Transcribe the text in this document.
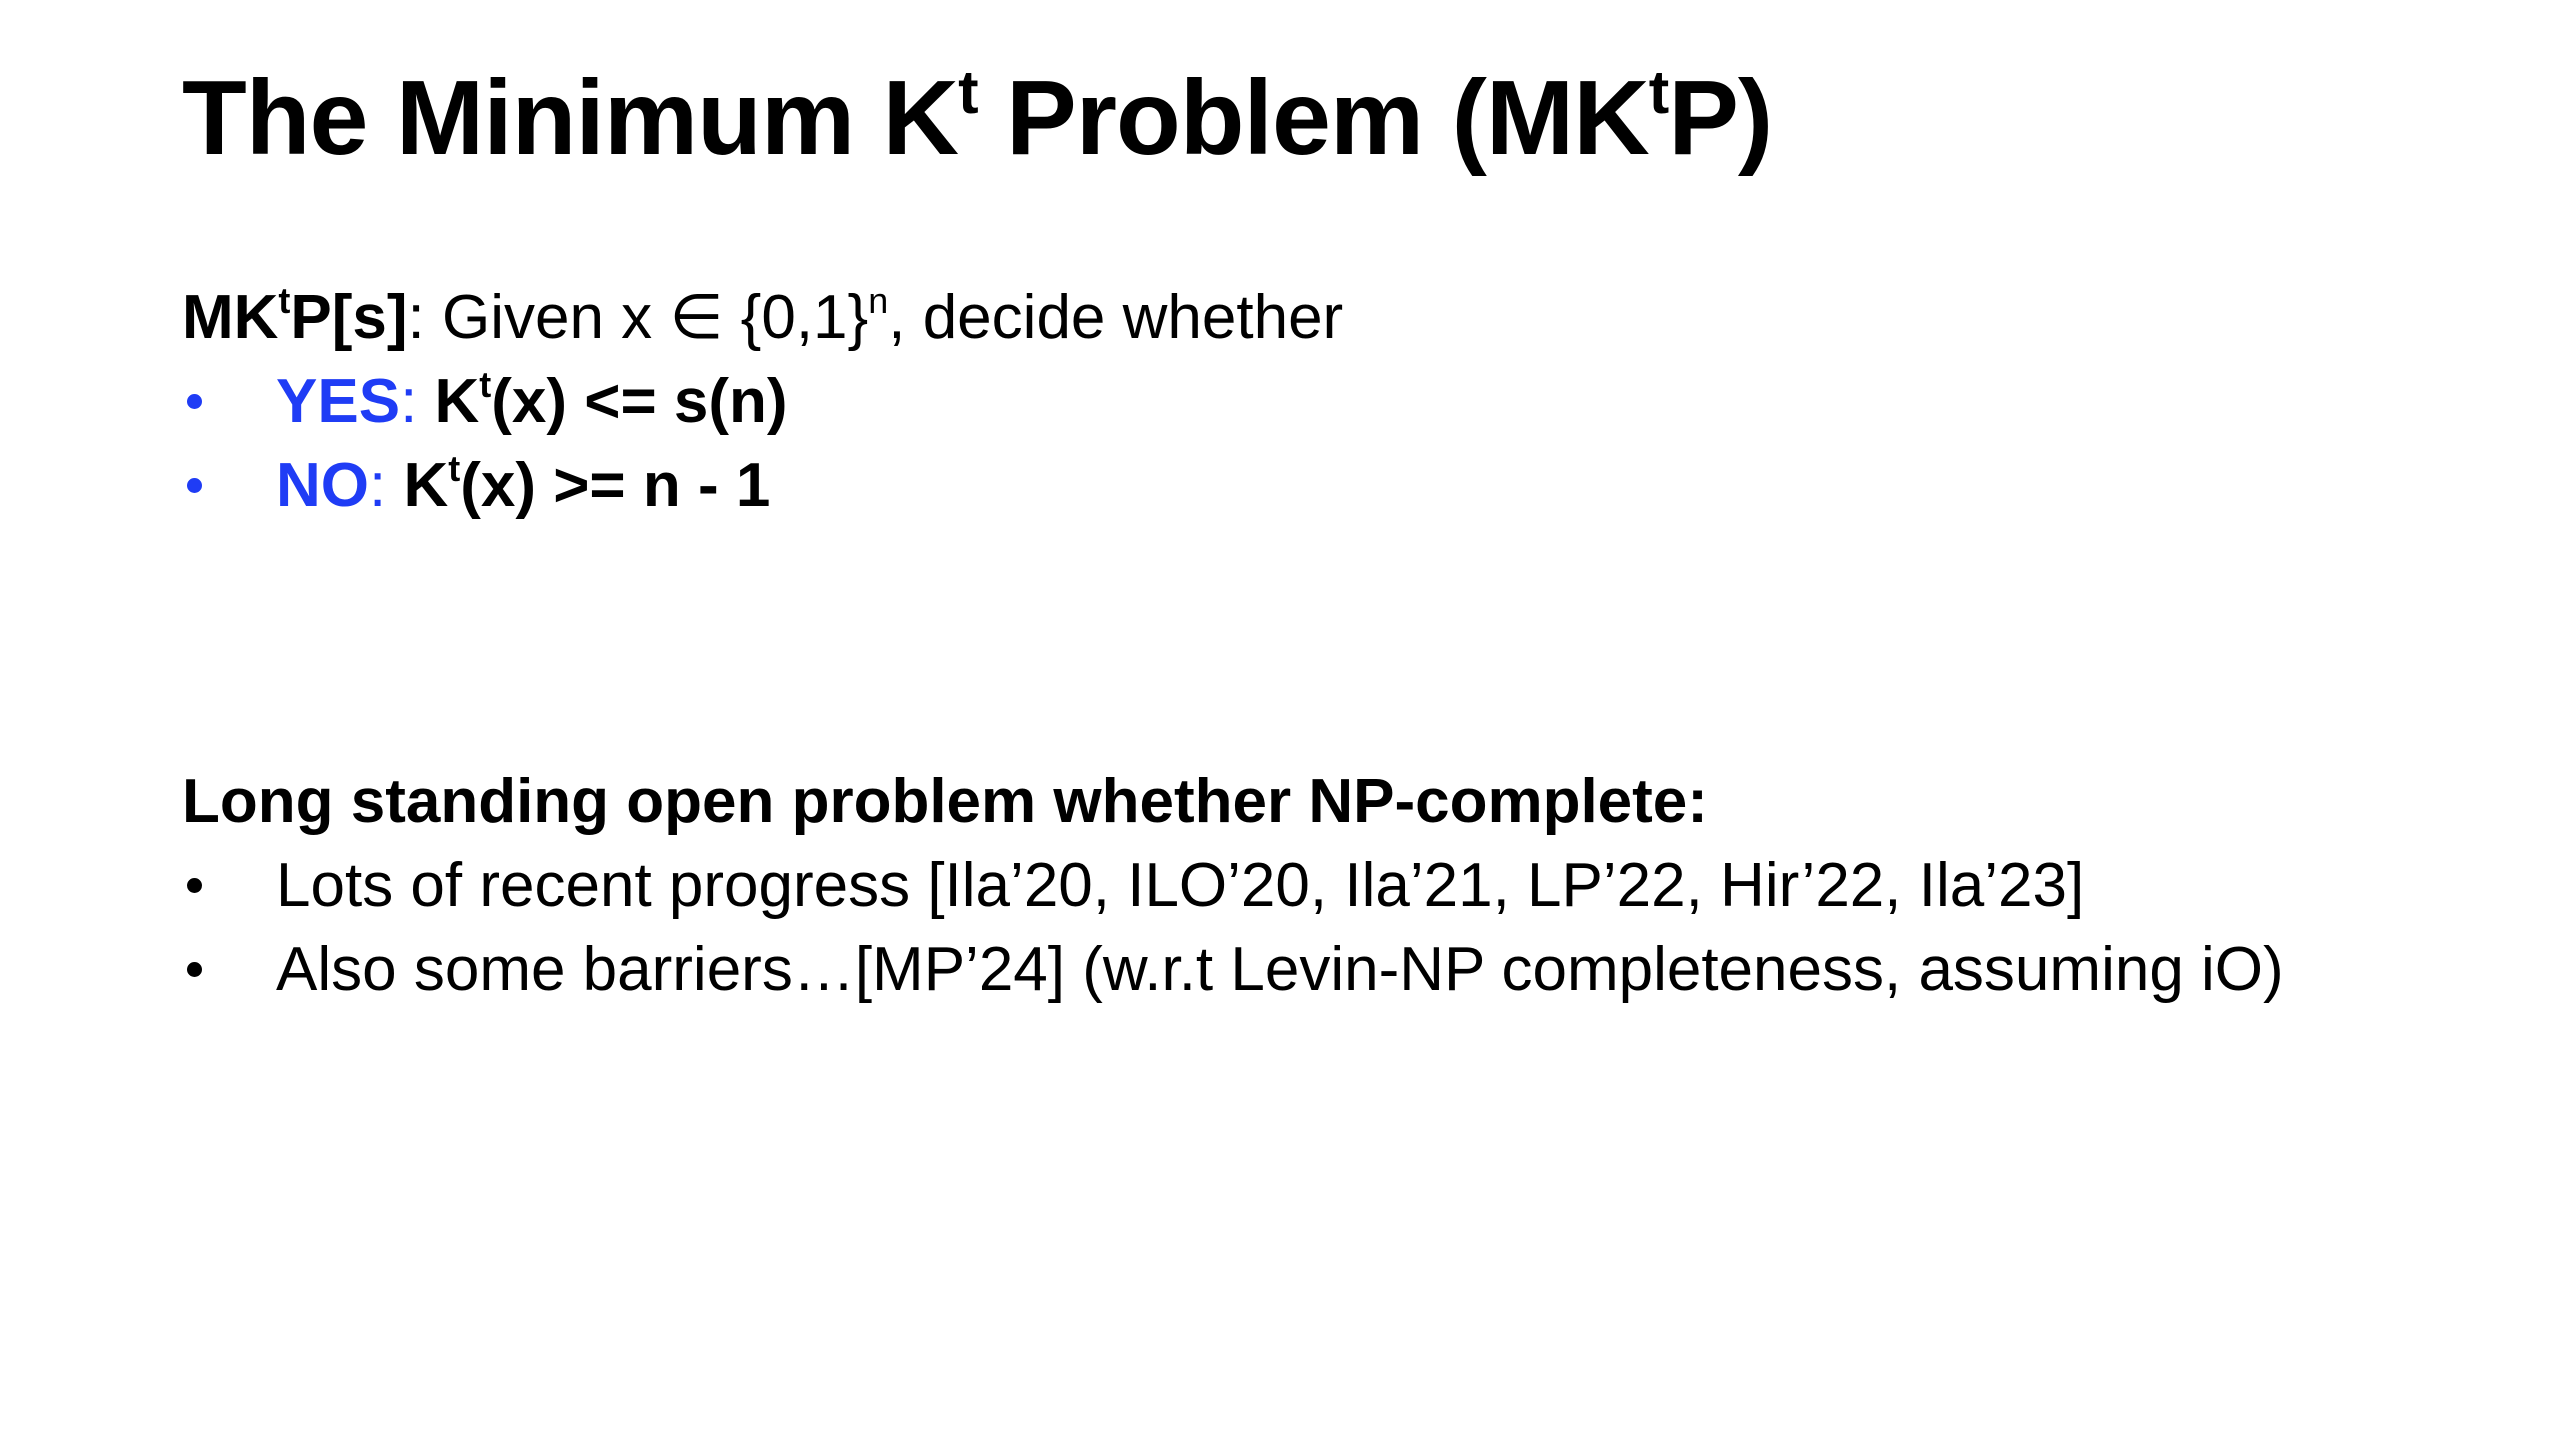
The Minimum $K^t$ Problem $(MK^tP)$
$MK^tP[s]$: Given x ∈ $\{0,1\}^n$, decide whether
YES: $K^t(x) <= s(n)$
NO: $K^t(x) >= n - 1$
Long standing open problem whether NP-complete:
Lots of recent progress [Ila’20, ILO’20, Ila’21, LP’22, Hir’22, Ila’23]
Also some barriers…[MP’24] (w.r.t Levin-NP completeness, assuming iO)
